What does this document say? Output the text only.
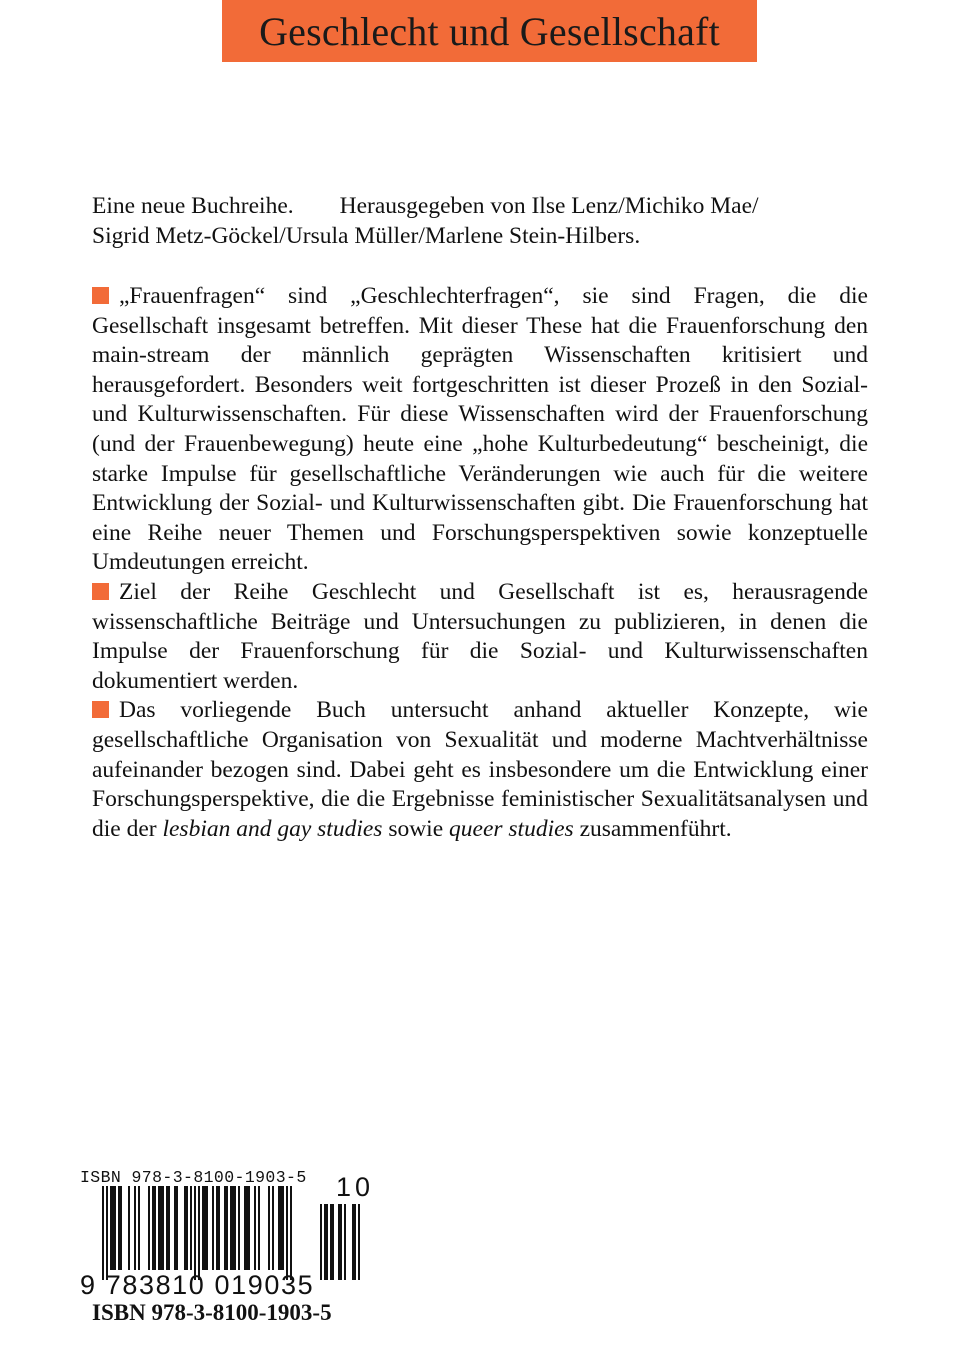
Geschlecht und Gesellschaft
Eine neue Buchreihe. Herausgegeben von Ilse Lenz/Michiko Mae/
Sigrid Metz-Göckel/Ursula Müller/Marlene Stein-Hilbers.

„Frauenfragen“ sind „Geschlechterfragen“, sie sind Fragen, die die Gesellschaft insgesamt betreffen. Mit dieser These hat die Frauenforschung den main-stream der männlich geprägten Wissenschaften kritisiert und herausgefordert. Besonders weit fortgeschritten ist dieser Prozeß in den Sozial- und Kulturwissenschaften. Für diese Wissenschaften wird der Frauenforschung (und der Frauenbewegung) heute eine „hohe Kulturbedeutung“ bescheinigt, die starke Impulse für gesellschaftliche Veränderungen wie auch für die weitere Entwicklung der Sozial- und Kulturwissenschaften gibt. Die Frauenforschung hat eine Reihe neuer Themen und Forschungsperspektiven sowie konzeptuelle Umdeutungen erreicht.

Ziel der Reihe Geschlecht und Gesellschaft ist es, herausragende wissenschaftliche Beiträge und Untersuchungen zu publizieren, in denen die Impulse der Frauenforschung für die Sozial- und Kulturwissenschaften dokumentiert werden.

Das vorliegende Buch untersucht anhand aktueller Konzepte, wie gesellschaftliche Organisation von Sexualität und moderne Machtverhältnisse aufeinander bezogen sind. Dabei geht es insbesondere um die Entwicklung einer Forschungsperspektive, die die Ergebnisse feministischer Sexualitätsanalysen und die der lesbian and gay studies sowie queer studies zusammenführt.

ISBN 978-3-8100-1903-5 10
9 783810 019035
ISBN 978-3-8100-1903-5
